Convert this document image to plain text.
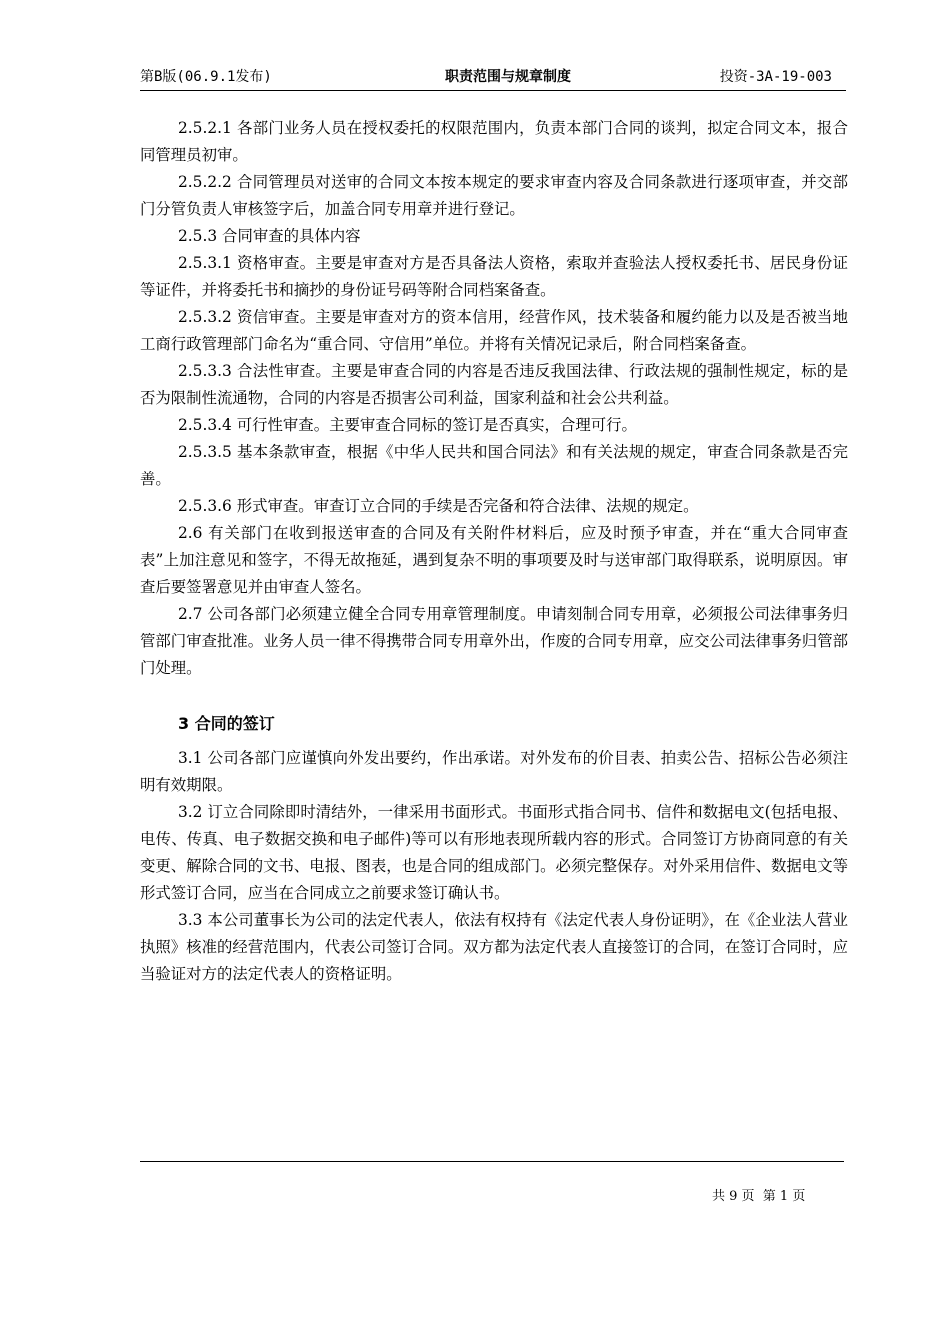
第B版(06.9.1发布)	职责范围与规章制度	投资-3A-19-003

2.5.2.1 各部门业务人员在授权委托的权限范围内，负责本部门合同的谈判，拟定合同文本，报合同管理员初审。

2.5.2.2 合同管理员对送审的合同文本按本规定的要求审查内容及合同条款进行逐项审查，并交部门分管负责人审核签字后，加盖合同专用章并进行登记。

2.5.3 合同审查的具体内容

2.5.3.1 资格审查。主要是审查对方是否具备法人资格，索取并查验法人授权委托书、居民身份证等证件，并将委托书和摘抄的身份证号码等附合同档案备查。

2.5.3.2 资信审查。主要是审查对方的资本信用，经营作风，技术装备和履约能力以及是否被当地工商行政管理部门命名为“重合同、守信用”单位。并将有关情况记录后，附合同档案备查。

2.5.3.3 合法性审查。主要是审查合同的内容是否违反我国法律、行政法规的强制性规定，标的是否为限制性流通物，合同的内容是否损害公司利益，国家利益和社会公共利益。

2.5.3.4 可行性审查。主要审查合同标的签订是否真实，合理可行。

2.5.3.5 基本条款审查，根据《中华人民共和国合同法》和有关法规的规定，审查合同条款是否完善。

2.5.3.6 形式审查。审查订立合同的手续是否完备和符合法律、法规的规定。

2.6 有关部门在收到报送审查的合同及有关附件材料后，应及时预予审查，并在“重大合同审查表”上加注意见和签字，不得无故拖延，遇到复杂不明的事项要及时与送审部门取得联系，说明原因。审查后要签署意见并由审查人签名。

2.7 公司各部门必须建立健全合同专用章管理制度。申请刻制合同专用章，必须报公司法律事务归管部门审查批准。业务人员一律不得携带合同专用章外出，作废的合同专用章，应交公司法律事务归管部门处理。

3 合同的签订

3.1 公司各部门应谨慎向外发出要约，作出承诺。对外发布的价目表、拍卖公告、招标公告必须注明有效期限。

3.2 订立合同除即时清结外，一律采用书面形式。书面形式指合同书、信件和数据电文(包括电报、电传、传真、电子数据交换和电子邮件)等可以有形地表现所载内容的形式。合同签订方协商同意的有关变更、解除合同的文书、电报、图表，也是合同的组成部门。必须完整保存。对外采用信件、数据电文等形式签订合同，应当在合同成立之前要求签订确认书。

3.3 本公司董事长为公司的法定代表人，依法有权持有《法定代表人身份证明》，在《企业法人营业执照》核准的经营范围内，代表公司签订合同。双方都为法定代表人直接签订的合同，在签订合同时，应当验证对方的法定代表人的资格证明。

共 9 页  第 1 页
